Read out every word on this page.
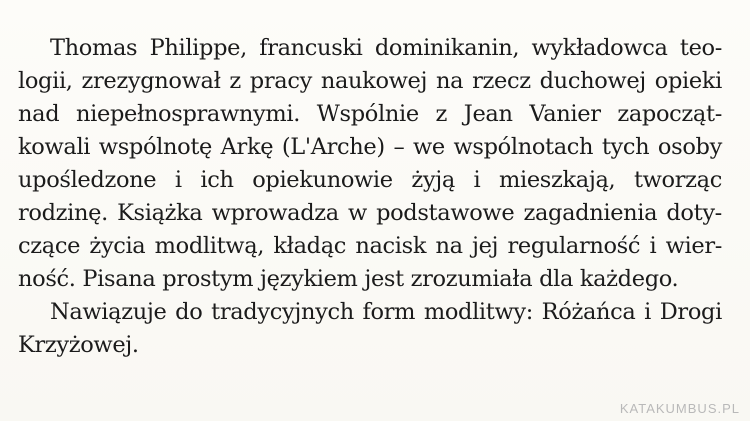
Thomas Philippe, francuski dominikanin, wykładowca teo-
logii, zrezygnował z pracy naukowej na rzecz duchowej opieki
nad niepełnosprawnymi. Wspólnie z Jean Vanier zapocząt-
kowali wspólnotę Arkę (L'Arche) – we wspólnotach tych osoby
upośledzone i ich opiekunowie żyją i mieszkają, tworząc
rodzinę. Książka wprowadza w podstawowe zagadnienia doty-
czące życia modlitwą, kładąc nacisk na jej regularność i wier-
ność. Pisana prostym językiem jest zrozumiała dla każdego.
Nawiązuje do tradycyjnych form modlitwy: Różańca i Drogi
Krzyżowej.
KATAKUMBUS.PL
